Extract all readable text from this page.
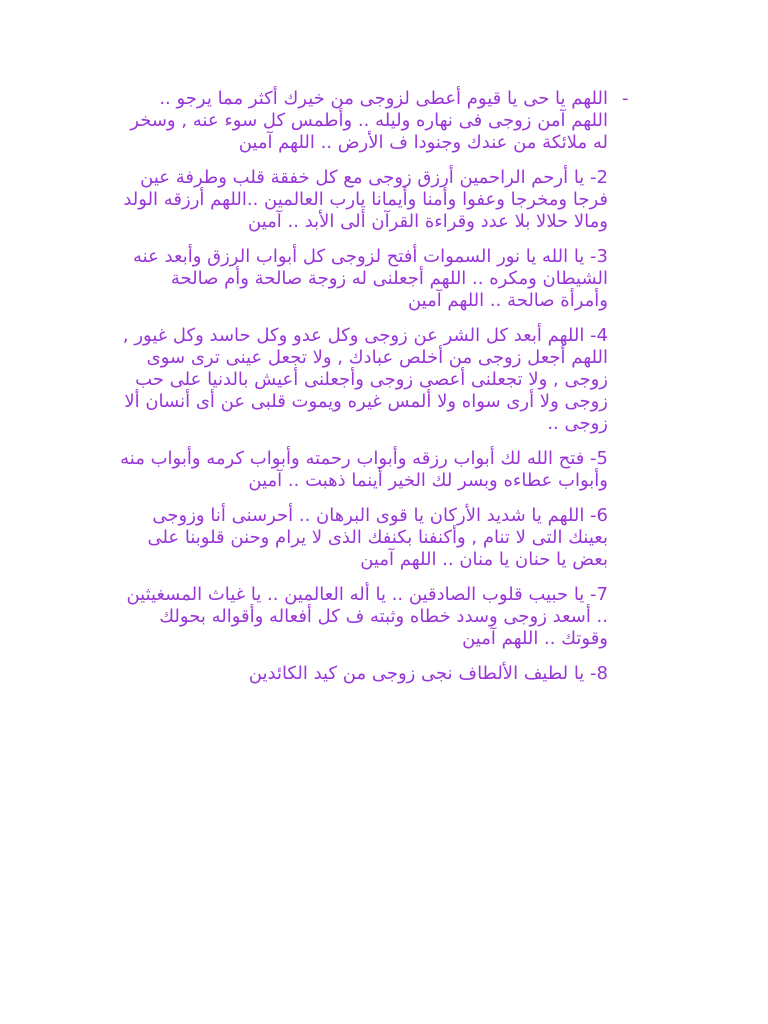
-

اللهم يا حى يا قيوم أعطى لزوجى من خيرك أكثر مما يرجو .. اللهم آمن زوجى فى نهاره وليله .. وأطمس كل سوء عنه , وسخر له ملائكة من عندك وجنودا ف الأرض .. اللهم آمين

2- يا أرحم الراحمين أرزق زوجى مع كل خفقة قلب وطرفة عين فرجا ومخرجا وعفوا وأمنا وأيمانا يارب العالمين ..اللهم أرزقه الولد ومالا حلالا بلا عدد وقراءة القرآن ألى الأبد .. آمين

3- يا الله يا نور السموات أفتح لزوجى كل أبواب الرزق وأبعد عنه الشيطان ومكره .. اللهم أجعلنى له زوجة صالحة وأم صالحة وأمرأة صالحة .. اللهم آمين

4- اللهم أبعد كل الشر عن زوجى وكل عدو وكل حاسد وكل غيور , اللهم أجعل زوجى من أخلص عبادك , ولا تجعل عينى ترى سوى زوجى , ولا تجعلنى أعصى زوجى وأجعلنى أعيش بالدنيا على حب زوجى ولا أرى سواه ولا ألمس غيره ويموت قلبى عن أى أنسان ألا زوجى ..

5- فتح الله لك أبواب رزقه وأبواب رحمته وأبواب كرمه وأبواب منه وأبواب عطاءه وبسر لك الخير أينما ذهبت .. آمين

6- اللهم يا شديد الأركان يا قوى البرهان .. أحرسنى أنا وزوجى بعينك التى لا تنام , وأكنفنا بكنفك الذى لا يرام وحنن قلوبنا على بعض يا حنان يا منان .. اللهم آمين

7- يا حبيب قلوب الصادقين .. يا أله العالمين .. يا غياث المسغيثين .. أسعد زوجى وسدد خطاه وثبته ف كل أفعاله وأقواله بحولك وقوتك .. اللهم آمين

8- يا لطيف الألطاف نجى زوجى من كيد الكائدين
